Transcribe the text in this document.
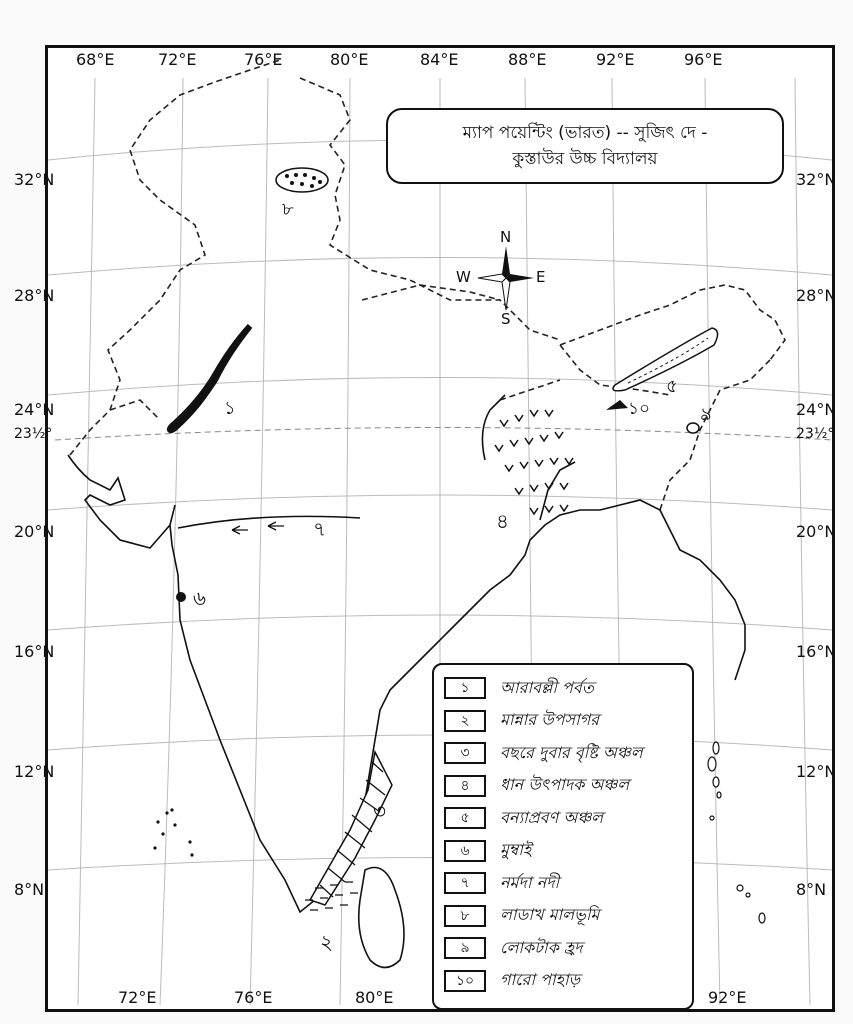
১
২
৩
৪
৫
৬
৭
৮
৯
১০
68°E	72°E	76°E	80°E	84°E	88°E	92°E	96°E
72°E	76°E	80°E	92°E
32°N
28°N
24°N
23½°
20°N
16°N
12°N
8°N
32°N
28°N
24°N
23½°
20°N
16°N
12°N
8°N
N
S
W	E
ম্যাপ পয়েন্টিং (ভারত) -- সুজিৎ দে -
কুস্তাউর উচ্চ বিদ্যালয়
১	আরাবল্লী পর্বত
২	মান্নার উপসাগর
৩	বছরে দুবার বৃষ্টি অঞ্চল
৪	ধান উৎপাদক অঞ্চল
৫	বন্যাপ্রবণ অঞ্চল
৬	মুম্বাই
৭	নর্মদা নদী
৮	লাডাখ মালভূমি
৯	লোকটাক হ্রদ
১০	গারো পাহাড়
